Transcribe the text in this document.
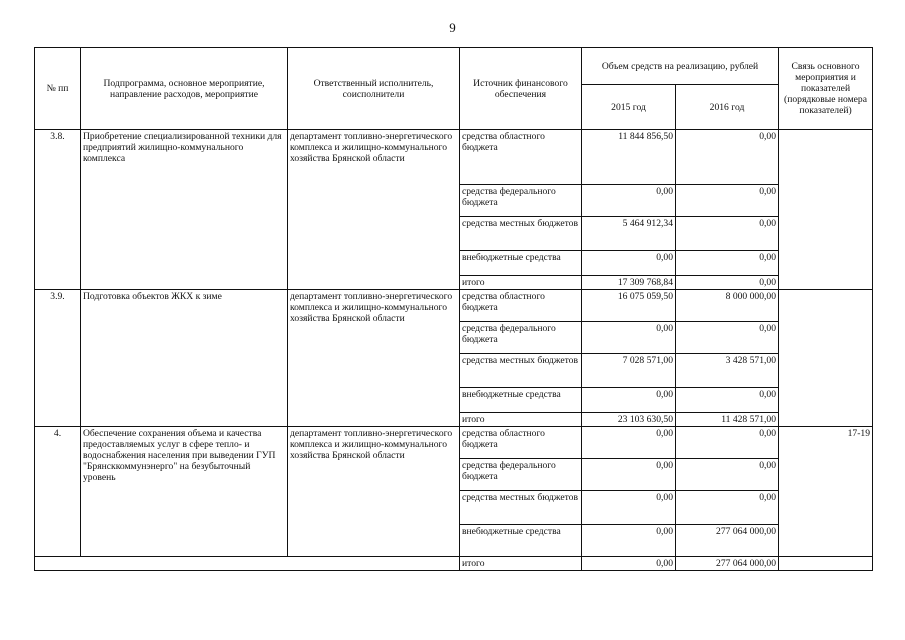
9
№ пп	Подпрограмма, основное мероприятие, направление расходов, мероприятие	Ответственный исполнитель, соисполнители	Источник финансового обеспечения	Объем средств на реализацию, рублей		Связь основного мероприятия и показателей (порядковые номера показателей)
				2015 год	2016 год	
3.8.	Приобретение специализированной техники для предприятий жилищно-коммунального комплекса	департамент топливно-энергетического комплекса и жилищно-коммунального хозяйства Брянской области	средства областного бюджета	11 844 856,50	0,00	
			средства федерального бюджета	0,00	0,00	
			средства местных бюджетов	5 464 912,34	0,00	
			внебюджетные средства	0,00	0,00	
			итого	17 309 768,84	0,00	
3.9.	Подготовка объектов ЖКХ к зиме	департамент топливно-энергетического комплекса и жилищно-коммунального хозяйства Брянской области	средства областного бюджета	16 075 059,50	8 000 000,00	
			средства федерального бюджета	0,00	0,00	
			средства местных бюджетов	7 028 571,00	3 428 571,00	
			внебюджетные средства	0,00	0,00	
			итого	23 103 630,50	11 428 571,00	
4.	Обеспечение сохранения объема и качества предоставляемых услуг в сфере тепло- и водоснабжения населения при выведении ГУП "Брянсккоммунэнерго" на безубыточный уровень	департамент топливно-энергетического комплекса и жилищно-коммунального хозяйства Брянской области	средства областного бюджета	0,00	0,00	17-19
			средства федерального бюджета	0,00	0,00	
			средства местных бюджетов	0,00	0,00	
			внебюджетные средства	0,00	277 064 000,00	
			итого	0,00	277 064 000,00	
